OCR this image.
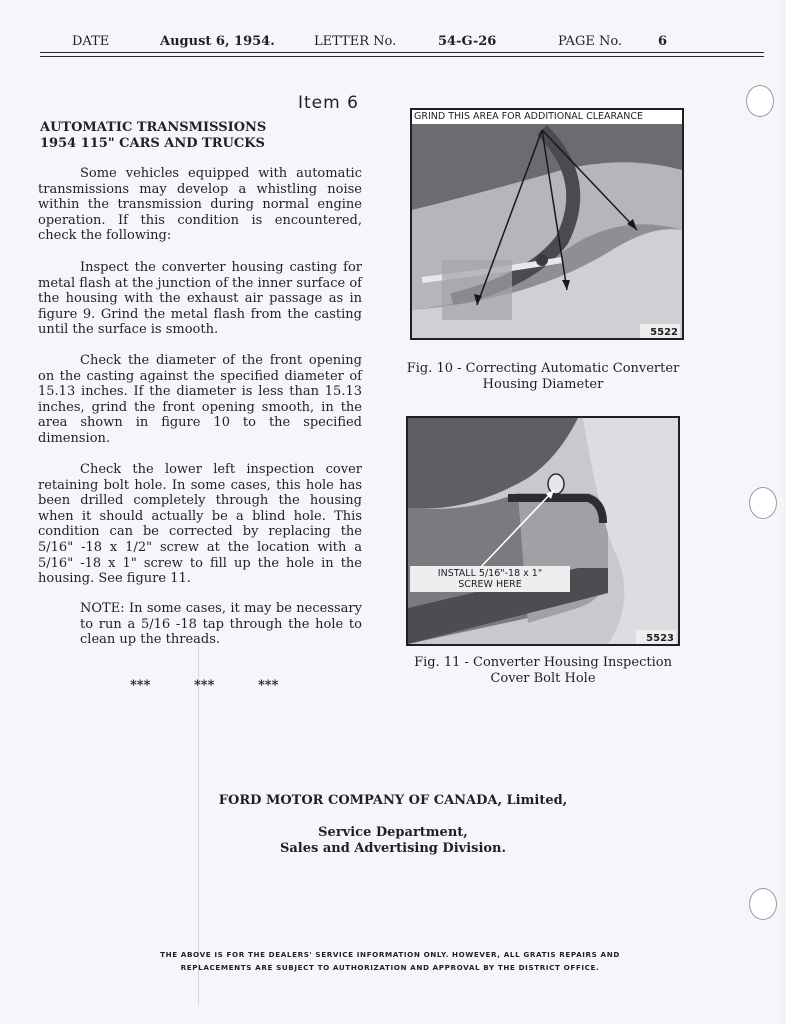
DATE	August 6, 1954.	LETTER No.	54-G-26	PAGE No.	6
Item 6
AUTOMATIC TRANSMISSIONS
1954 115" CARS AND TRUCKS
Some vehicles equipped with automatic transmissions may develop a whistling noise within the transmission during normal engine operation. If this condition is encountered, check the following:
Inspect the converter housing casting for metal flash at the junction of the inner surface of the housing with the exhaust air passage as in figure 9. Grind the metal flash from the casting until the surface is smooth.
Check the diameter of the front opening on the casting against the specified diameter of 15.13 inches. If the diameter is less than 15.13 inches, grind the front opening smooth, in the area shown in figure 10 to the specified dimension.
Check the lower left inspection cover retaining bolt hole. In some cases, this hole has been drilled completely through the housing when it should actually be a blind hole. This condition can be corrected by replacing the 5/16" -18 x 1/2" screw at the location with a 5/16" -18 x 1" screw to fill up the hole in the housing. See figure 11.
NOTE: In some cases, it may be necessary to run a 5/16 -18 tap through the hole to clean up the threads.
***	***	***
GRIND THIS AREA FOR ADDITIONAL CLEARANCE
5522
Fig. 10 - Correcting Automatic Converter
Housing Diameter
INSTALL 5/16"-18 x 1"
SCREW HERE
5523
Fig. 11 - Converter Housing Inspection
Cover Bolt Hole
FORD MOTOR COMPANY OF CANADA, Limited,
Service Department,
Sales and Advertising Division.
THE ABOVE IS FOR THE DEALERS' SERVICE INFORMATION ONLY. HOWEVER, ALL GRATIS REPAIRS AND
REPLACEMENTS ARE SUBJECT TO AUTHORIZATION AND APPROVAL BY THE DISTRICT OFFICE.
